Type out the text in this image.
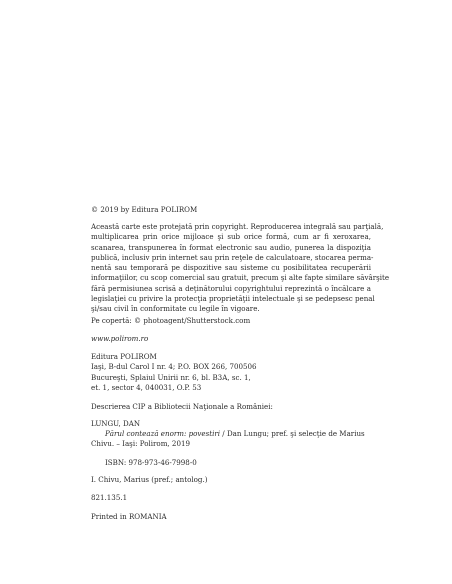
© 2019 by Editura POLIROM

Această carte este protejată prin copyright. Reproducerea integrală sau parţială,
multiplicarea prin orice mijloace şi sub orice formă, cum ar fi xeroxarea,
scanarea, transpunerea în format electronic sau audio, punerea la dispoziţia
publică, inclusiv prin internet sau prin reţele de calculatoare, stocarea perma-
nentă sau temporară pe dispozitive sau sisteme cu posibilitatea recuperării
informaţiilor, cu scop comercial sau gratuit, precum şi alte fapte similare săvârşite
fără permisiunea scrisă a deţinătorului copyrightului reprezintă o încălcare a
legislaţiei cu privire la protecţia proprietăţii intelectuale şi se pedepsesc penal
şi/sau civil în conformitate cu legile în vigoare.

Pe copertă: © photoagent/Shutterstock.com

www.polirom.ro

Editura POLIROM
Iaşi, B-dul Carol I nr. 4; P.O. BOX 266, 700506
Bucureşti, Splaiul Unirii nr. 6, bl. B3A, sc. 1,
et. 1, sector 4, 040031, O.P. 53

Descrierea CIP a Bibliotecii Naţionale a României:

LUNGU, DAN

Părul contează enorm: povestiri / Dan Lungu; pref. şi selecţie de Marius
Chivu. – Iaşi: Polirom, 2019

ISBN: 978-973-46-7998-0

I. Chivu, Marius (pref.; antolog.)

821.135.1

Printed in ROMANIA
